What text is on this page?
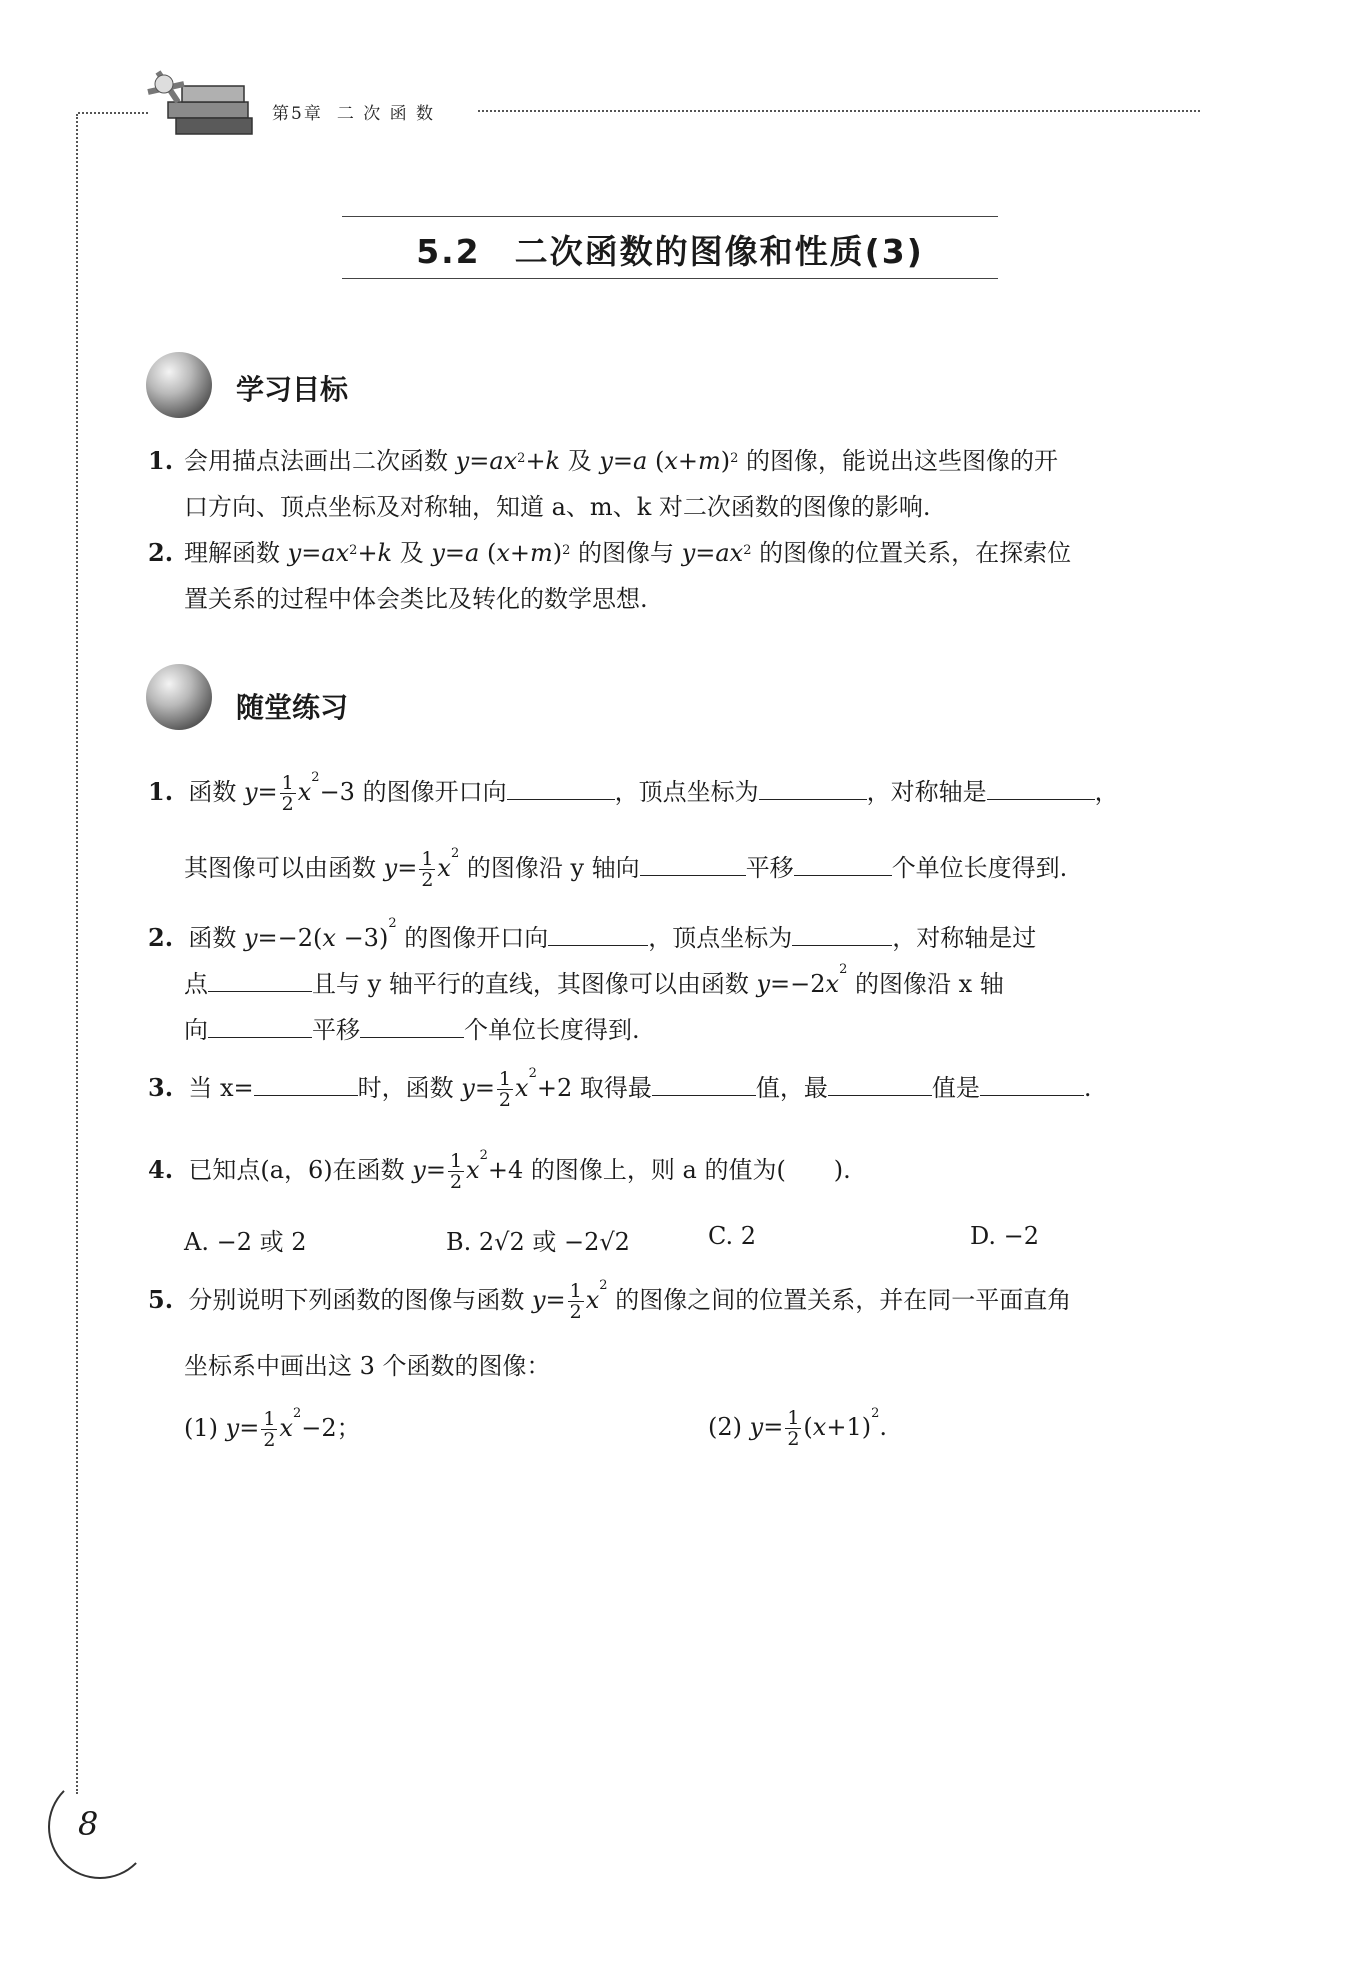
第5章 二 次 函 数
5.2 二次函数的图像和性质(3)
学习目标
1. 会用描点法画出二次函数 $y=ax^2+k$ 及 y=a $(x+m)^2$ 的图像，能说出这些图像的开
口方向、顶点坐标及对称轴，知道 a、m、k 对二次函数的图像的影响.
2. 理解函数 $y=ax^2+k$ 及 y=a $(x+m)^2$ 的图像与 $y=ax^2$ 的图像的位置关系，在探索位
置关系的过程中体会类比及转化的数学思想.
随堂练习
1. 函数 $y= \frac{1}{2} x^2-3$ 的图像开口向	，顶点坐标为	，对称轴是	，
其图像可以由函数 $y= \frac{1}{2} x^2$ 的图像沿 y 轴向	平移	个单位长度得到.
2. 函数 $y=-2(x -3)^2$ 的图像开口向	，顶点坐标为	，对称轴是过
点	且与 y 轴平行的直线，其图像可以由函数 $y=-2x^2$ 的图像沿 x 轴
向	平移	个单位长度得到.
3. 当 x=	时，函数 $y= \frac{1}{2} x^2+2$ 取得最	值，最	值是	.
4. 已知点(a，6)在函数 $y= \frac{1}{2} x^2+4$ 的图像上，则 a 的值为(　　).
A. −2 或 2	B. 2√2 或 −2√2	C. 2	D. −2
5. 分别说明下列函数的图像与函数 $y= \frac{1}{2} x^2$ 的图像之间的位置关系，并在同一平面直角
坐标系中画出这 3 个函数的图像：
(1) $y= \frac{1}{2} x^2-2$；	(2) $y= \frac{1}{2} (x+1)^2$.
8
